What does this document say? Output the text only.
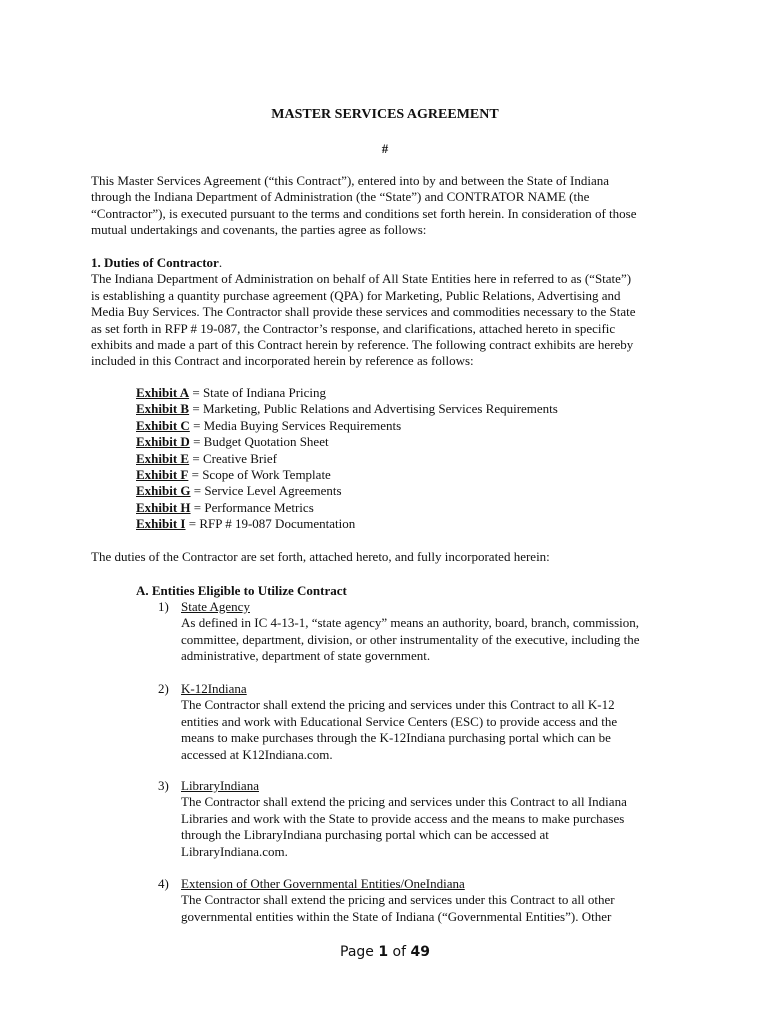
MASTER SERVICES AGREEMENT
#
This Master Services Agreement (“this Contract”), entered into by and between the State of Indiana
through the Indiana Department of Administration (the “State”) and CONTRATOR NAME (the
“Contractor”), is executed pursuant to the terms and conditions set forth herein. In consideration of those
mutual undertakings and covenants, the parties agree as follows:
1. Duties of Contractor.
The Indiana Department of Administration on behalf of All State Entities here in referred to as (“State”)
is establishing a quantity purchase agreement (QPA) for Marketing, Public Relations, Advertising and
Media Buy Services. The Contractor shall provide these services and commodities necessary to the State
as set forth in RFP # 19-087, the Contractor’s response, and clarifications, attached hereto in specific
exhibits and made a part of this Contract herein by reference. The following contract exhibits are hereby
included in this Contract and incorporated herein by reference as follows:
Exhibit A = State of Indiana Pricing
Exhibit B = Marketing, Public Relations and Advertising Services Requirements
Exhibit C = Media Buying Services Requirements
Exhibit D = Budget Quotation Sheet
Exhibit E = Creative Brief
Exhibit F = Scope of Work Template
Exhibit G = Service Level Agreements
Exhibit H = Performance Metrics
Exhibit I = RFP # 19-087 Documentation
The duties of the Contractor are set forth, attached hereto, and fully incorporated herein:
A. Entities Eligible to Utilize Contract
1) State Agency
As defined in IC 4-13-1, “state agency” means an authority, board, branch, commission,
committee, department, division, or other instrumentality of the executive, including the
administrative, department of state government.
2) K-12Indiana
The Contractor shall extend the pricing and services under this Contract to all K-12
entities and work with Educational Service Centers (ESC) to provide access and the
means to make purchases through the K-12Indiana purchasing portal which can be
accessed at K12Indiana.com.
3) LibraryIndiana
The Contractor shall extend the pricing and services under this Contract to all Indiana
Libraries and work with the State to provide access and the means to make purchases
through the LibraryIndiana purchasing portal which can be accessed at
LibraryIndiana.com.
4) Extension of Other Governmental Entities/OneIndiana
The Contractor shall extend the pricing and services under this Contract to all other
governmental entities within the State of Indiana (“Governmental Entities”). Other
Page 1 of 49
